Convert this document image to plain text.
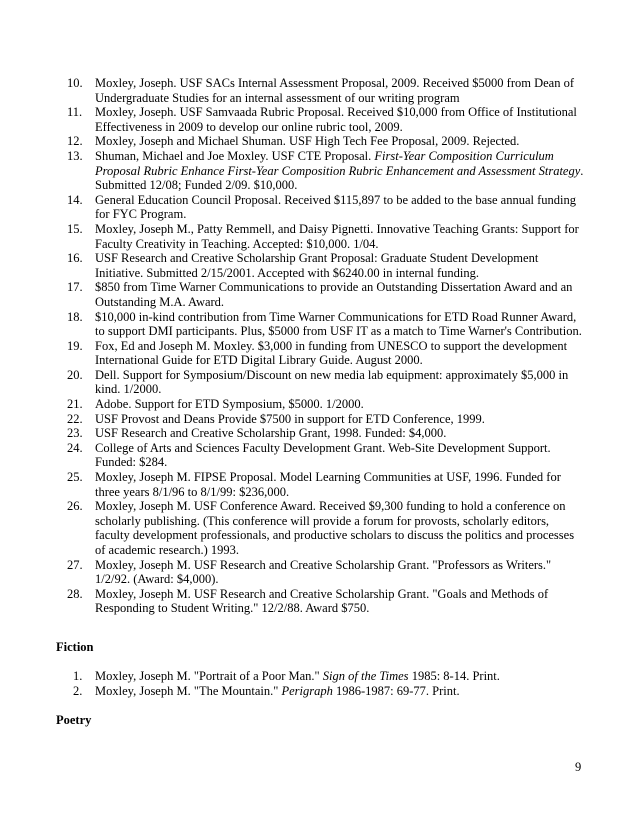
10. Moxley, Joseph. USF SACs Internal Assessment Proposal, 2009. Received $5000 from Dean of Undergraduate Studies for an internal assessment of our writing program
11. Moxley, Joseph. USF Samvaada Rubric Proposal. Received $10,000 from Office of Institutional Effectiveness in 2009 to develop our online rubric tool, 2009.
12. Moxley, Joseph and Michael Shuman. USF High Tech Fee Proposal, 2009. Rejected.
13. Shuman, Michael and Joe Moxley. USF CTE Proposal. First-Year Composition Curriculum Proposal Rubric Enhance First-Year Composition Rubric Enhancement and Assessment Strategy. Submitted 12/08; Funded 2/09. $10,000.
14. General Education Council Proposal. Received $115,897 to be added to the base annual funding for FYC Program.
15. Moxley, Joseph M., Patty Remmell, and Daisy Pignetti. Innovative Teaching Grants: Support for Faculty Creativity in Teaching. Accepted: $10,000. 1/04.
16. USF Research and Creative Scholarship Grant Proposal: Graduate Student Development Initiative. Submitted 2/15/2001. Accepted with $6240.00 in internal funding.
17. $850 from Time Warner Communications to provide an Outstanding Dissertation Award and an Outstanding M.A. Award.
18. $10,000 in-kind contribution from Time Warner Communications for ETD Road Runner Award, to support DMI participants. Plus, $5000 from USF IT as a match to Time Warner's Contribution.
19. Fox, Ed and Joseph M. Moxley. $3,000 in funding from UNESCO to support the development International Guide for ETD Digital Library Guide. August 2000.
20. Dell. Support for Symposium/Discount on new media lab equipment: approximately $5,000 in kind. 1/2000.
21. Adobe. Support for ETD Symposium, $5000. 1/2000.
22. USF Provost and Deans Provide $7500 in support for ETD Conference, 1999.
23. USF Research and Creative Scholarship Grant, 1998. Funded: $4,000.
24. College of Arts and Sciences Faculty Development Grant. Web-Site Development Support. Funded: $284.
25. Moxley, Joseph M. FIPSE Proposal. Model Learning Communities at USF, 1996. Funded for three years 8/1/96 to 8/1/99: $236,000.
26. Moxley, Joseph M. USF Conference Award. Received $9,300 funding to hold a conference on scholarly publishing. (This conference will provide a forum for provosts, scholarly editors, faculty development professionals, and productive scholars to discuss the politics and processes of academic research.) 1993.
27. Moxley, Joseph M. USF Research and Creative Scholarship Grant. "Professors as Writers." 1/2/92. (Award: $4,000).
28. Moxley, Joseph M. USF Research and Creative Scholarship Grant. "Goals and Methods of Responding to Student Writing." 12/2/88. Award $750.
Fiction
1. Moxley, Joseph M. "Portrait of a Poor Man." Sign of the Times 1985: 8-14. Print.
2. Moxley, Joseph M. "The Mountain." Perigraph 1986-1987: 69-77. Print.
Poetry
9
